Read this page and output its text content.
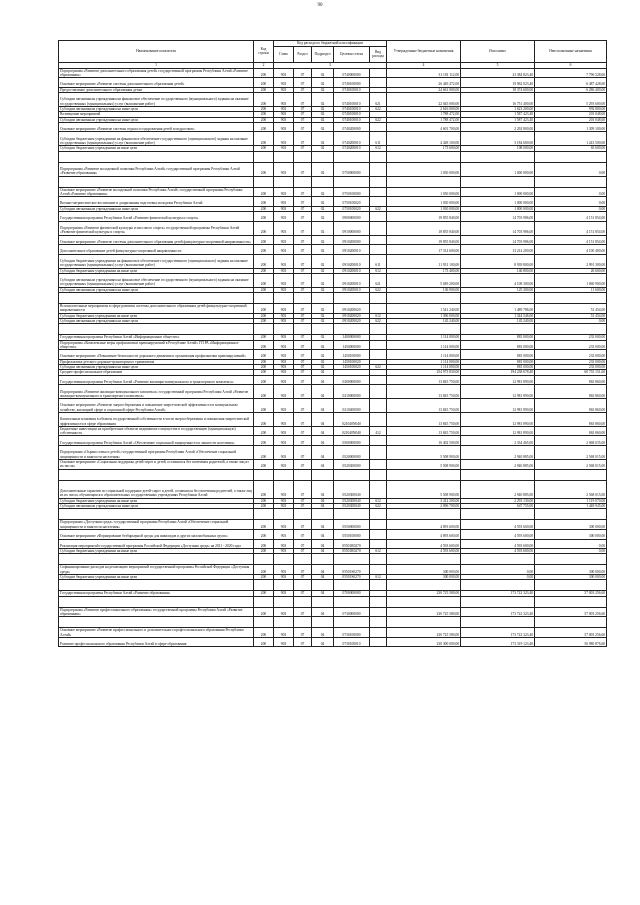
90
Наименование показателя	Код строки	Код расхода по бюджетной классификации					Утвержденные бюджетные назначения	Исполнено	Неисполненные назначения
		Глава	Раздел	Подраздел	Целевая статья	Вид расхода			
1	2	3					4	5	6
Подпрограмма «Развитие дополнительного образования детей» государственной программы Республики Алтай «Развитие образования»	200	903	07	02	0740000000		31 181 112,00	23 384 823,40	7 796 528,60
Основное мероприятие «Развитие системы дополнительного образования детей»	200	903	07	02	0740100000		26 449 472,00	19 962 023,40	6 487 428,60
Предоставление дополнительного образования детям	200	903	07	02	0740100010		24 661 000,00	18 374 600,00	6 286 400,00
Субсидии автономным учреждениям на финансовое обеспечение государственного (муниципального) задания на оказание государственных (муниципальных) услуг (выполнение работ)	200	903	07	02	0740100010	621	22 045 000,00	16 751 400,00	5 293 600,00
Субсидии автономным учреждениям на иные цели	200	903	07	02	0740100010	622	2 616 000,00	1 623 200,00	992 800,00
Возмещение мероприятий	200	903	07	02	0740100010		1 788 472,00	1 587 423,40	201 048,60
Субсидии автономным учреждениям на иные цели	200	903	07	02	0740100010	622	1 788 472,00	1 587 423,40	201 048,60
Основное мероприятие «Развитие системы отдыха и оздоровления детей и подростков»	200	903	07	02	0740200000		4 601 700,00	2 292 800,00	1 309 100,00
Субсидии бюджетным учреждениям на финансовое обеспечение государственного (муниципального) задания на оказание государственных (муниципальных) услуг (выполнение работ)	200	903	07	02	0740200010	611	4 428 100,00	3 184 600,00	1 243 500,00
Субсидии бюджетным учреждениям на иные цели	200	903	07	02	0740200010	612	173 600,00	108 000,00	65 600,00

Подпрограмма «Развитие молодежной политики Республики Алтай» государственной программы Республики Алтай «Развитие образования»	200	903	07	02	0750000000		1 030 000,00	1 000 000,00	0,00

Основное мероприятие «Развитие молодежной политики Республики Алтай» государственной программы Республики Алтай «Развитие образования»	200	903	07	02	0750100000		1 030 000,00	1 000 000,00	0,00
Военно-патриотическое воспитание и допризывная подготовка молодежи Республики Алтай	200	903	07	02	0750100020		1 030 000,00	1 000 000,00	0,00
Субсидии автономным учреждениям на иные цели	200	903	07	02	0750100020	622	1 030 000,00	1 000 000,00	0,00
Государственная программа Республики Алтай «Развитие физической культуры и спорта»	200	903	07	02	0900000000		18 855 840,00	14 703 986,00	4 151 854,00
Подпрограмма «Развитие физической культуры и массового спорта» государственной программы Республики Алтай «Развитие физической культуры и спорта»	200	903	07	02	0910000000		18 855 840,00	14 703 986,00	4 151 854,00
Основное мероприятие «Развитие системы дополнительного образования детей физкультурно-спортивной направленности»	200	903	07	02	0910200000		18 855 840,00	14 703 986,00	4 151 854,00
Дополнительное образование детей физкультурно-спортивной направленности	200	903	07	02	0910200010		17 314 600,00	13 214 200,00	4 100 400,00
Субсидии бюджетным учреждениям на финансовое обеспечение государственного (муниципального) задания на оказание государственных (муниципальных) услуг (выполнение работ)	200	903	07	02	0910200010	611	11 931 100,00	8 939 800,00	2 991 300,00
Субсидии бюджетным учреждениям на иные цели	200	903	07	02	0910200010	612	173 400,00	146 800,00	26 600,00
Субсидии автономным учреждениям на финансовое обеспечение государственного (муниципального) задания на оказание государственных (муниципальных) услуг (выполнение работ)	200	903	07	02	0910200010	621	5 049 200,00	4 108 300,00	1 060 900,00
Субсидии автономным учреждениям на иные цели	200	903	07	02	0910200010	622	136 900,00	125 300,00	11 600,00

Вспомогательные мероприятия в сфере развития системы дополнительного образования детей физкультурно-спортивной направленности	200	903	07	02	0910200020		1 541 240,00	1 489 786,00	51 454,00
Субсидии бюджетным учреждениям на иные цели	200	903	07	02	0910200020	612	1 396 000,00	1 344 546,00	51 454,00
Субсидии автономным учреждениям на иные цели	200	903	07	02	0910200020	622	145 240,00	145 240,00	0,00

Государственная программа Республики Алтай «Информационное общество»	200	903	07	02	1400000000		1 114 000,00	881 000,00	233 000,00
Подпрограмма «Комплексные меры профилактики правонарушений в Республике Алтай» ГП РА «Информационное общество»	200	903	07	02	1450000000		1 114 000,00	881 000,00	233 000,00
Основное мероприятие «Повышение безопасности дорожного движения и организация профилактики правонарушений»	200	903	07	02	1450100000		1 114 000,00	881 000,00	233 000,00
Профилактика детского дорожно-транспортного травматизма	200	903	07	02	1450100020		1 114 000,00	881 000,00	233 000,00
Субсидии автономным учреждениям на иные цели	200	903	07	02	1450100020	622	1 114 000,00	881 000,00	233 000,00
Среднее профессиональное образование	200	903	07	04			254 973 830,00	194 238 678,40	60 735 151,60
Государственная программа Республики Алтай «Развитие жилищно-коммунального и транспортного комплекса»	200	903	07	04	0200000000		13 845 750,00	12 981 890,00	863 860,00
Подпрограмма «Развитие жилищно-коммунального комплекса» государственной программы Республики Алтай «Развитие жилищно-коммунального и транспортного комплекса»	200	903	07	04	0210000000		13 845 750,00	12 981 890,00	863 860,00
Основное мероприятие «Развитие энергосбережения и повышение энергетической эффективности в коммунальном хозяйстве, жилищной сфере и социальной сфере Республики Алтай»	200	903	07	04	0210400000		13 845 750,00	12 981 890,00	863 860,00
Капитальные вложения в объекты государственной собственности в части энергосбережения и повышения энергетической эффективности в сфере образования	200	903	07	04	021040N040		13 845 750,00	12 981 890,00	863 860,00
Бюджетные инвестиции на приобретение объектов недвижимого имущества в государственную (муниципальную) собственность	200	903	07	04	021040N040	412	13 845 750,00	12 981 890,00	863 860,00
Государственная программа Республики Алтай «Обеспечение социальной защищенности и занятости населения»	200	903	07	04	0500000000		10 402 500,00	2 334 465,00	2 068 035,00
Подпрограмма «Охрана семьи и детей» государственной программы Республики Алтай «Обеспечение социальной защищенности и занятости населения»	200	903	07	04	0520000000		5 508 900,00	2 940 885,00	2 568 015,00
Основное мероприятие «Социальная поддержка детей-сирот и детей, оставшихся без попечения родителей, а также лиц из их числа»	200	903	07	04	0520300000		5 508 900,00	2 940 885,00	2 568 015,00

Дополнительные гарантии по социальной поддержке детей-сирот и детей, оставшихся без попечения родителей, а также лиц из их числа, обучающихся в образовательных государственных учреждениях Республики Алтай	200	903	07	04	0520300040		5 508 900,00	2 940 885,00	2 568 015,00
Субсидии бюджетным учреждениям на иные цели	200	903	07	04	0520300040	612	3 412 200,00	2 293 130,00	1 119 070,00
Субсидии автономным учреждениям на иные цели	200	903	07	04	0520300040	622	2 096 700,00	647 755,00	1 448 945,00

Подпрограмма «Доступная среда» государственной программы Республики Алтай «Обеспечение социальной защищенности и занятости населения»	200	903	07	04	0550000000		4 893 600,00	4 593 600,00	300 000,00
Основное мероприятие «Формирование безбарьерной среды для инвалидов и других маломобильных групп»	200	903	07	04	0550100000		4 893 600,00	4 593 600,00	300 000,00
Реализация мероприятий государственной программы Российской Федерации «Доступная среда» на 2011 - 2020 годы	200	903	07	04	05501R0270		4 593 600,00	4 593 600,00	0,00
Субсидии бюджетным учреждениям на иные цели	200	903	07	04	05501R0270	612	4 593 600,00	4 593 600,00	0,00

Софинансирование расходов на реализацию мероприятий государственной программы Российской Федерации «Доступная среда»	200	903	07	04	05501S0270		300 000,00	0,00	300 000,00
Субсидии бюджетным учреждениям на иные цели	200	903	07	04	05501S0270	612	300 000,00	0,00	300 000,00

Государственная программа Республики Алтай «Развитие образования»	200	903	07	04	0700000000		230 725 580,00	173 722 323,40	57 003 256,60

Подпрограмма «Развитие профессионального образования» государственной программы Республики Алтай «Развитие образования»	200	903	07	04	0730000000		230 725 580,00	173 722 323,40	57 003 256,60

Основное мероприятие «Развитие профессионального и дополнительного профессионального образования Республики Алтай»	200	903	07	04	0730100000		230 725 580,00	173 722 323,40	57 003 256,60
Развитие профессионального образования Республики Алтай в сфере образования	200	903	07	04	0730100010		230 300 000,00	173 319 123,40	56 980 876,60
